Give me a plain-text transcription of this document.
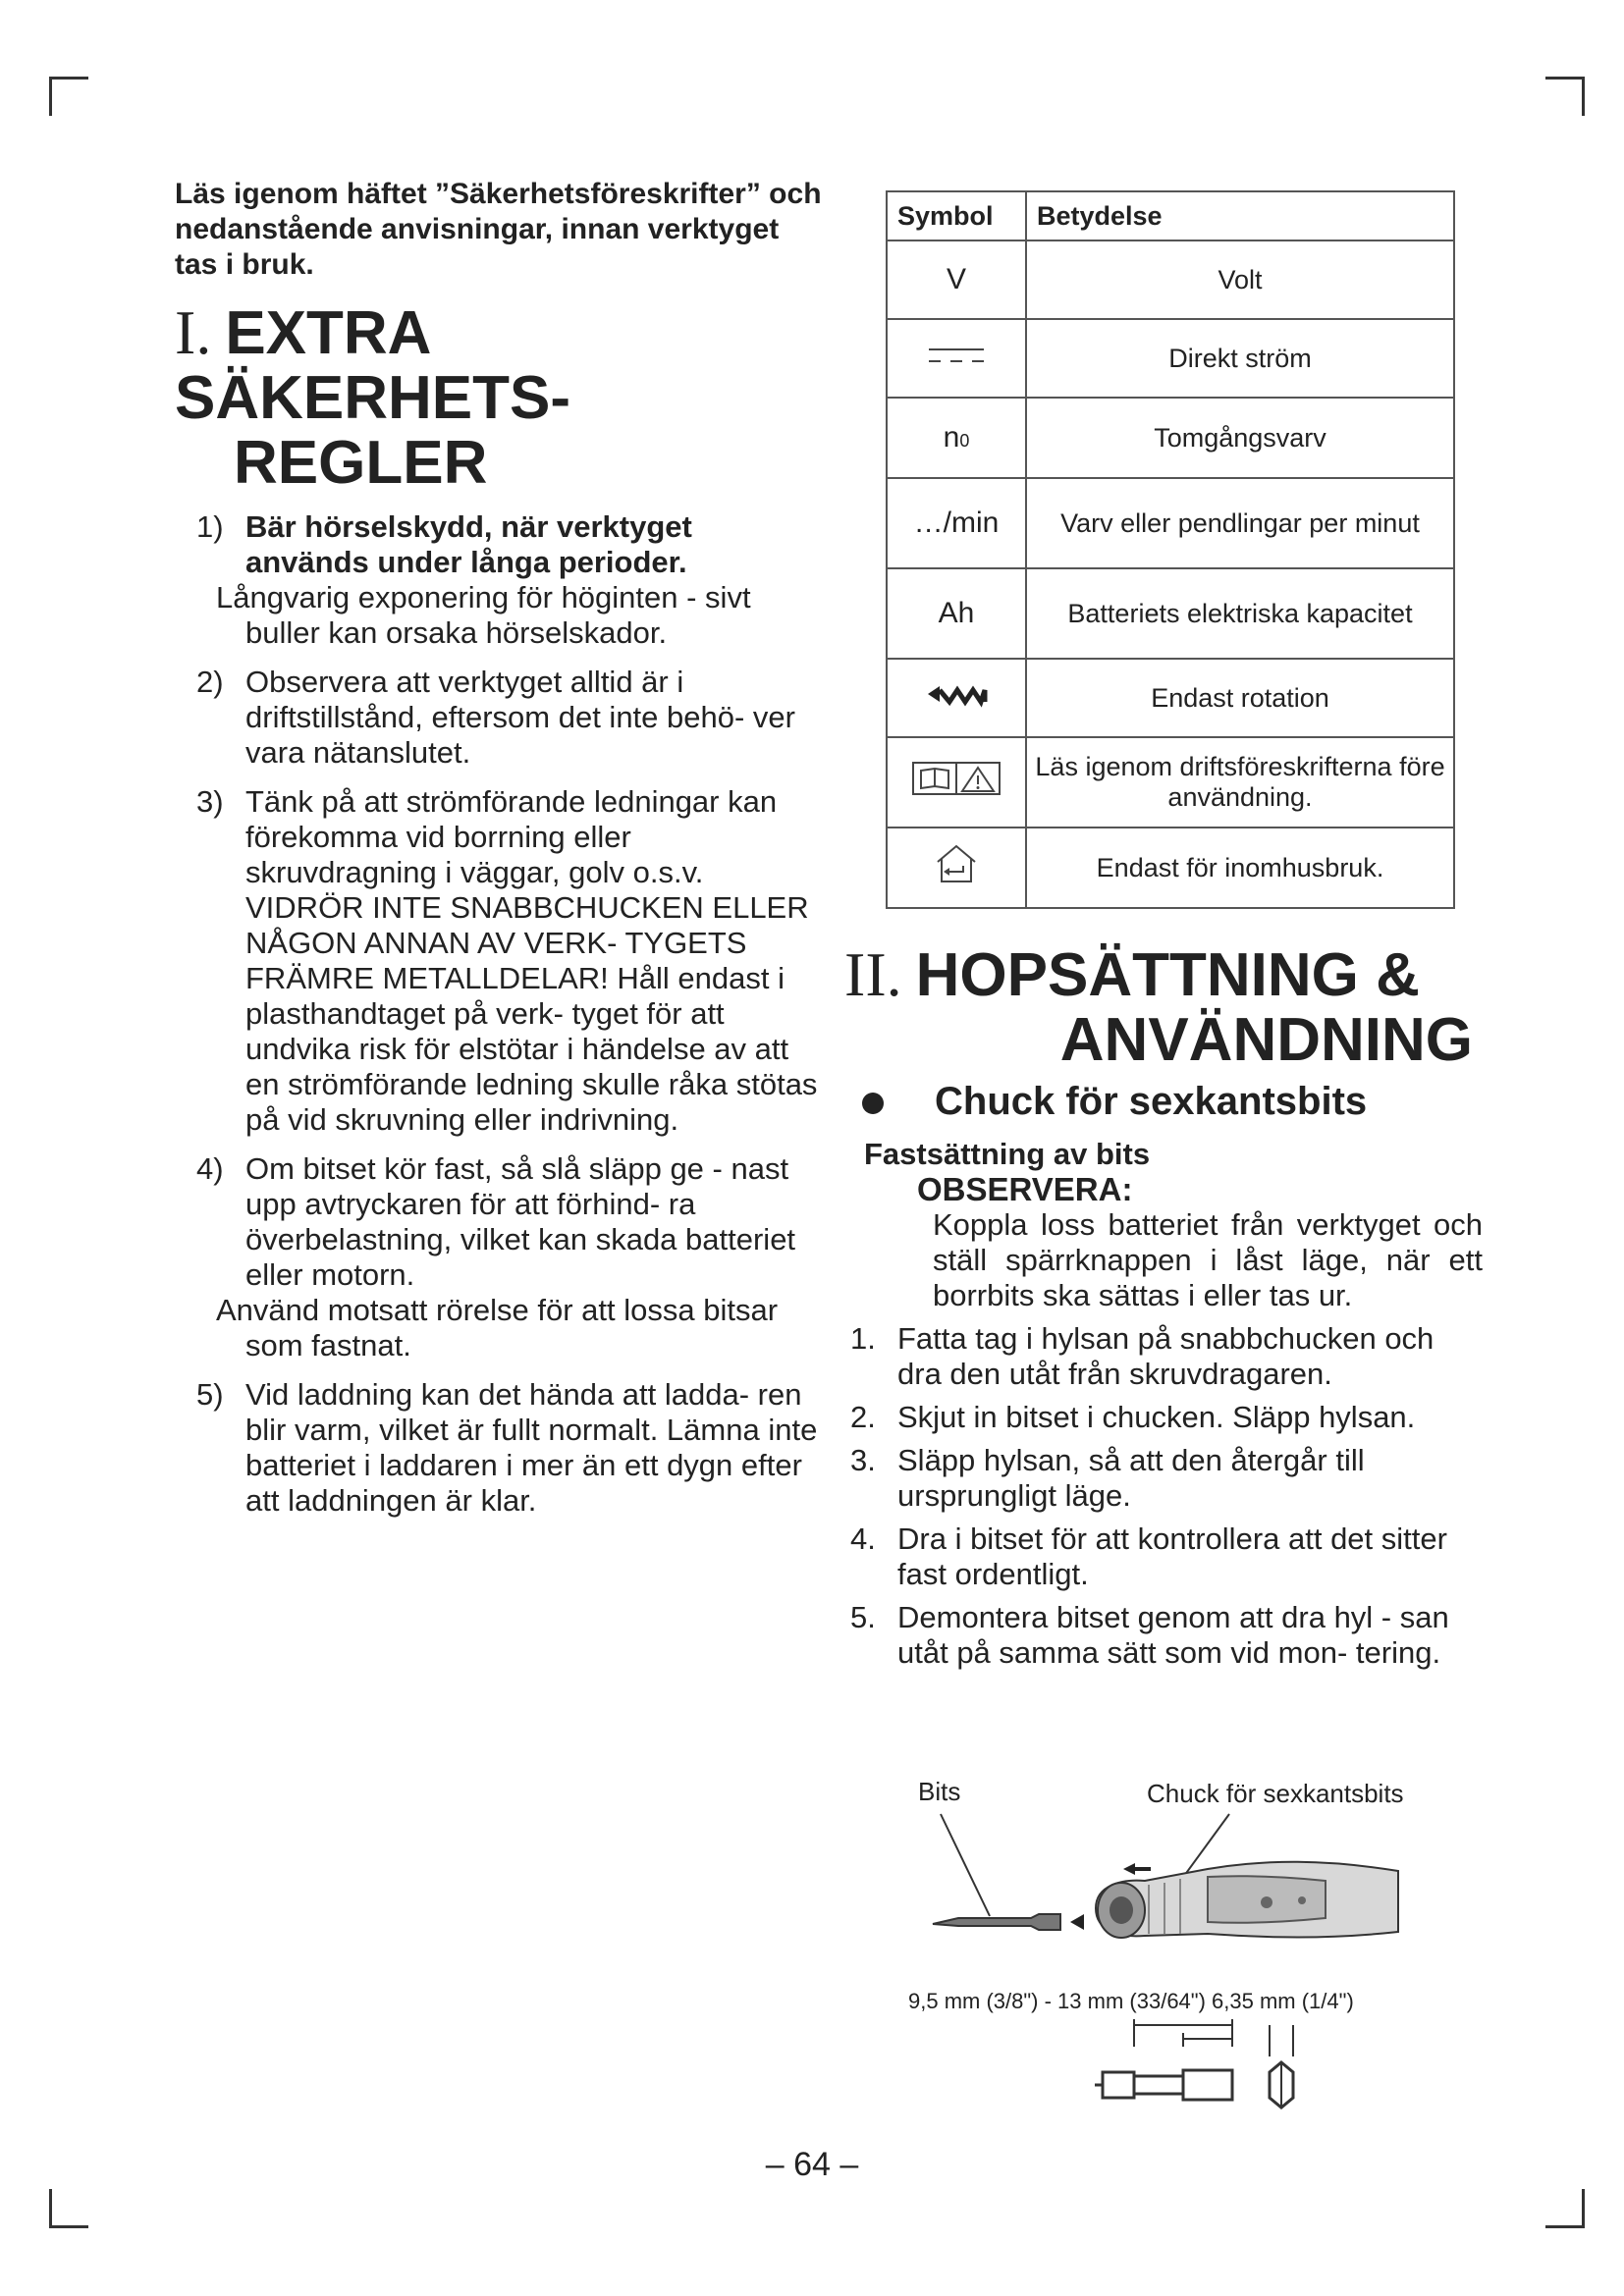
Läs igenom häftet ”Säkerhetsföreskrifter” och nedanstående anvisningar, innan verktyget tas i bruk.

I. EXTRA SÄKERHETS-
REGLER
1) Bär hörselskydd, när verktyget används under långa perioder.
Långvarig exponering för höginten - sivt buller kan orsaka hörselskador.
2) Observera att verktyget alltid är i driftstillstånd, eftersom det inte behö- ver vara nätanslutet.
3) Tänk på att strömförande ledningar kan förekomma vid borrning eller skruvdragning i väggar, golv o.s.v. VIDRÖR INTE SNABBCHUCKEN ELLER NÅGON ANNAN AV VERK- TYGETS FRÄMRE METALLDELAR! Håll endast i plasthandtaget på verk- tyget för att undvika risk för elstötar i händelse av att en strömförande ledning skulle råka stötas på vid skruvning eller indrivning.
4) Om bitset kör fast, så slå släpp ge - nast upp avtryckaren för att förhind- ra överbelastning, vilket kan skada batteriet eller motorn.
Använd motsatt rörelse för att lossa bitsar som fastnat.
5) Vid laddning kan det hända att ladda- ren blir varm, vilket är fullt normalt. Lämna inte batteriet i laddaren i mer än ett dygn efter att laddningen är klar.
Symbol	Betydelse
V	Volt
	Direkt ström
n0	Tomgångsvarv
…/min	Varv eller pendlingar per minut
Ah	Batteriets elektriska kapacitet
	Endast rotation
	Läs igenom driftsföreskrifterna före användning.
	Endast för inomhusbruk.
II. HOPSÄTTNING &
ANVÄNDNING
Chuck för sexkantsbits
Fastsättning av bits
OBSERVERA:
Koppla loss batteriet från verktyget och ställ spärrknappen i låst läge, när ett borrbits ska sättas i eller tas ur.
1. Fatta tag i hylsan på snabbchucken och dra den utåt från skruvdragaren.
2. Skjut in bitset i chucken. Släpp hylsan.
3. Släpp hylsan, så att den återgår till ursprungligt läge.
4. Dra i bitset för att kontrollera att det sitter fast ordentligt.
5. Demontera bitset genom att dra hyl - san utåt på samma sätt som vid mon- tering.
Bits	Chuck för sexkantsbits
9,5 mm (3/8") - 13 mm (33/64") 6,35 mm (1/4")
– 64 –
